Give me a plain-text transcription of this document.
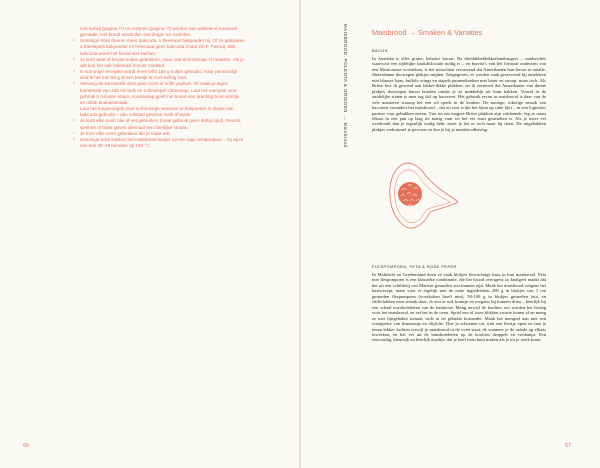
met karwij (pagina ⁴⁸) en rozijnen (pagina ⁴⁸) worden van wikkelend meanwel gemaakt. Het brood wordt dan wat droger en rustieker.

²	Sommige koks doeren meer bakcoda. 1 theelepel bakpoeder bij. Of ze gebruiken 2 theelepels bakpoeder en helemaal geen bakcoda (maar zie F, Fierna). Met bakcoda wordt het brood wat zachter.

³	Je kunt witte of bruine suiker gebruiken, maar ook ahornsiroop of melasse. Als je wilt kan het ook helemaal zonder zoetstof.

⁴	In sommige recepten wordt meer lefst 150 g suiker gebruikt, maar persoonlijk vind ik het met 60 g al een beetje te zoet-achtig zoet.

⁵	Vervang de karnemelk door pure room of volle yoghurt. Of maak je eigen karnemelk van 225 ml melk en 1 theelepel citroensap. Laat het mengsel voor gebruik 5 minuten staan. Ananassap geeft het brood een prachtig bruin korstje en milde ananassmaak.

Laat het toegevoegde zuur achterwege wanneer je bakpoeder in plaats van bakcoda gebruikt – dan volstaat gewone melk of water.

⁶	Je kunt elke soort olie of vet gebruiken (maar gebruik geen deftig spul). Reuzel, spekvet of boter geven allemaal een heerlijke smaak.

⁷	Je kunt elke vorm gebruiken die je maar wilt.

⁸	Sommige koks bakken het maisbrood langer op een lage temperatuur – bij wijze van test 40–45 minuten op 160 °C.

66
MAISBROOD, POLENTA & GRIDDEN→ Maisbrood
Maisbrood → Smaken & Variaties
BACON
In Amerika is alles groter, behalve bacon. Na driedubbeldekkerhamburgers – sandwiches waarvoor een tijdelijke kaakdislocatie nodig is – en burrito's van het formaat onderarm van een Mexicaanse worstelaar, is het misschien verrassend dat Amerikanen hun bacon in smalle, flinterdunne doorregen plakjes snijden. Toegegeven, ze worden vaak geserveerd bij omeletten met blauwe kaas, buffalo wings en stapels pannenkoeken met boter en stroop, maar toch. Als Britse box ik gewend aan lekker-dikke plakken, en ik vermoed dat Amerikanen van dunne plakjes doorregen bacon houden omdat je ze makkelijk uit kunt bakken. Vooral in de zuidelijke staten is men erg dol op baconvet. Het gebruik ervan in maisbrood is daar van de vele manieren waarop het een rol speelt in de keuken. De nootige, rokerige smaak van baconvet verandert het maisbrood – dat zo zoet is dat het bijna op cake lijkt – in een logischer partner voor gebakken eieren. Vier tot zes magere Britse plakken zijn voldoende: leg ze naast elkaar in een pan op laag tot matig vuur tot het vet eruit gesmolten is. Als je meer vet overhoudt dan je eigenlijk nodig hebt, moet je het er toch maar bij doen. De uitgebakken plakjes verkruimel je gewoon en doe je bij je maisbroodbeslag.
FLESPOMPOEN, FETA & RODE PEPER
In Moldavië en Griekenland doen ze vaak blokjes feta-achtige kaas in hun maisbrood. Feta met flespompoen is een klassieke combinatie, die het brood overigens zo knalgeel maakt dat het uit een schilderij van Matisse gesneden zou kunnen zijn. Maak het maisbrood volgens het basisrecept, maar voer er tegelijk met de natte ingrediënten 200 g in blokjes van 1 cm gesneden flespompoen (voorkoken hoeft niet), 50-100 g in blokjes gesneden feta, en chilivlokken naar smaak door. Je zou er ook komijn en oregano bij kunnen doen – heerlijk bij een schaal tarrokoteletten van de barbecue. Meng terwijl de koolties wit worden het beslag voor het maisbrood, en zet het in de oven. Spoel een of twee blikken zwarte bonen af en meng ze met fijngehakte tomaat, rode ui en gehakte koriander. Maak het mengsel aan met een vinaigrette van limoensap en olijfolie. Doe je schoenen uit, trek een biertje open en laat je tenen lekker luchten terwijl je maisbrood in de oven staat, de wanneer je de salade op elkaar inwerken, en het vet uit de lamskoteletten op de koolties druppelt en verdampt. Een eenvoudig, kleurrijk en heerlijk maaltje, dat je heel even kunt maken als je uit je werk komt.
67
